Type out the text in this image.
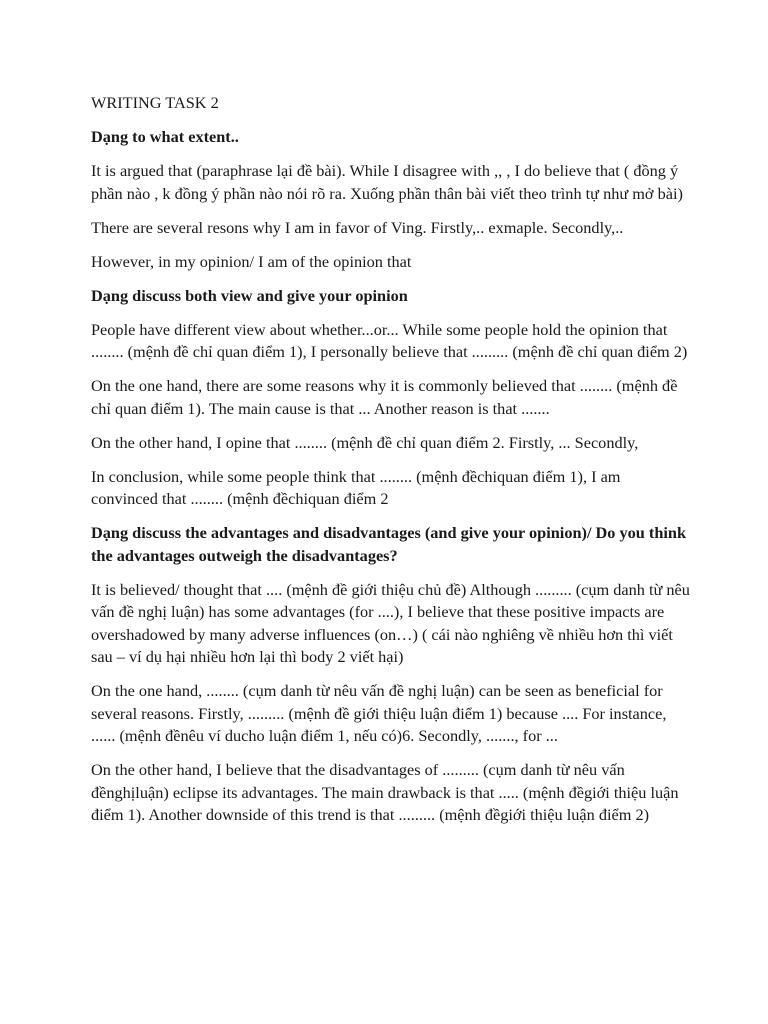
WRITING TASK 2

Dạng to what extent..

It is argued that (paraphrase lại đề bài). While I disagree with ,, , I do believe that ( đồng ý phần nào , k đồng ý phần nào nói rõ ra. Xuống phần thân bài viết theo trình tự như mở bài)

There are several resons why I am in favor of Ving. Firstly,.. exmaple. Secondly,..

However, in my opinion/ I am of the opinion that

Dạng discuss both view and give your opinion

People have different view about whether...or... While some people hold the opinion that ........ (mệnh đề chỉ quan điểm 1), I personally believe that ......... (mệnh đề chỉ quan điểm 2)

On the one hand, there are some reasons why it is commonly believed that ........ (mệnh đề chỉ quan điểm 1). The main cause is that ... Another reason is that .......

On the other hand, I opine that ........ (mệnh đề chỉ quan điểm 2. Firstly, ... Secondly,

In conclusion, while some people think that ........ (mệnh đềchiquan điểm 1), I am convinced that ........ (mệnh đềchiquan điểm 2

Dạng discuss the advantages and disadvantages (and give your opinion)/ Do you think the advantages outweigh the disadvantages?

It is believed/ thought that .... (mệnh đề giới thiệu chủ đề) Although ......... (cụm danh từ nêu vấn đề nghị luận) has some advantages (for ....), I believe that these positive impacts are overshadowed by many adverse influences (on…) ( cái nào nghiêng về nhiều hơn thì viết sau – ví dụ hại nhiều hơn lại thì body 2 viết hại)

On the one hand, ........ (cụm danh từ nêu vấn đề nghị luận) can be seen as beneficial for several reasons. Firstly, ......... (mệnh đề giới thiệu luận điểm 1) because .... For instance, ...... (mệnh đềnêu ví ducho luận điểm 1, nếu có)6. Secondly, ......., for ...

On the other hand, I believe that the disadvantages of ......... (cụm danh từ nêu vấn đềnghịluận) eclipse its advantages. The main drawback is that ..... (mệnh đềgiới thiệu luận điểm 1). Another downside of this trend is that ......... (mệnh đềgiới thiệu luận điểm 2)
